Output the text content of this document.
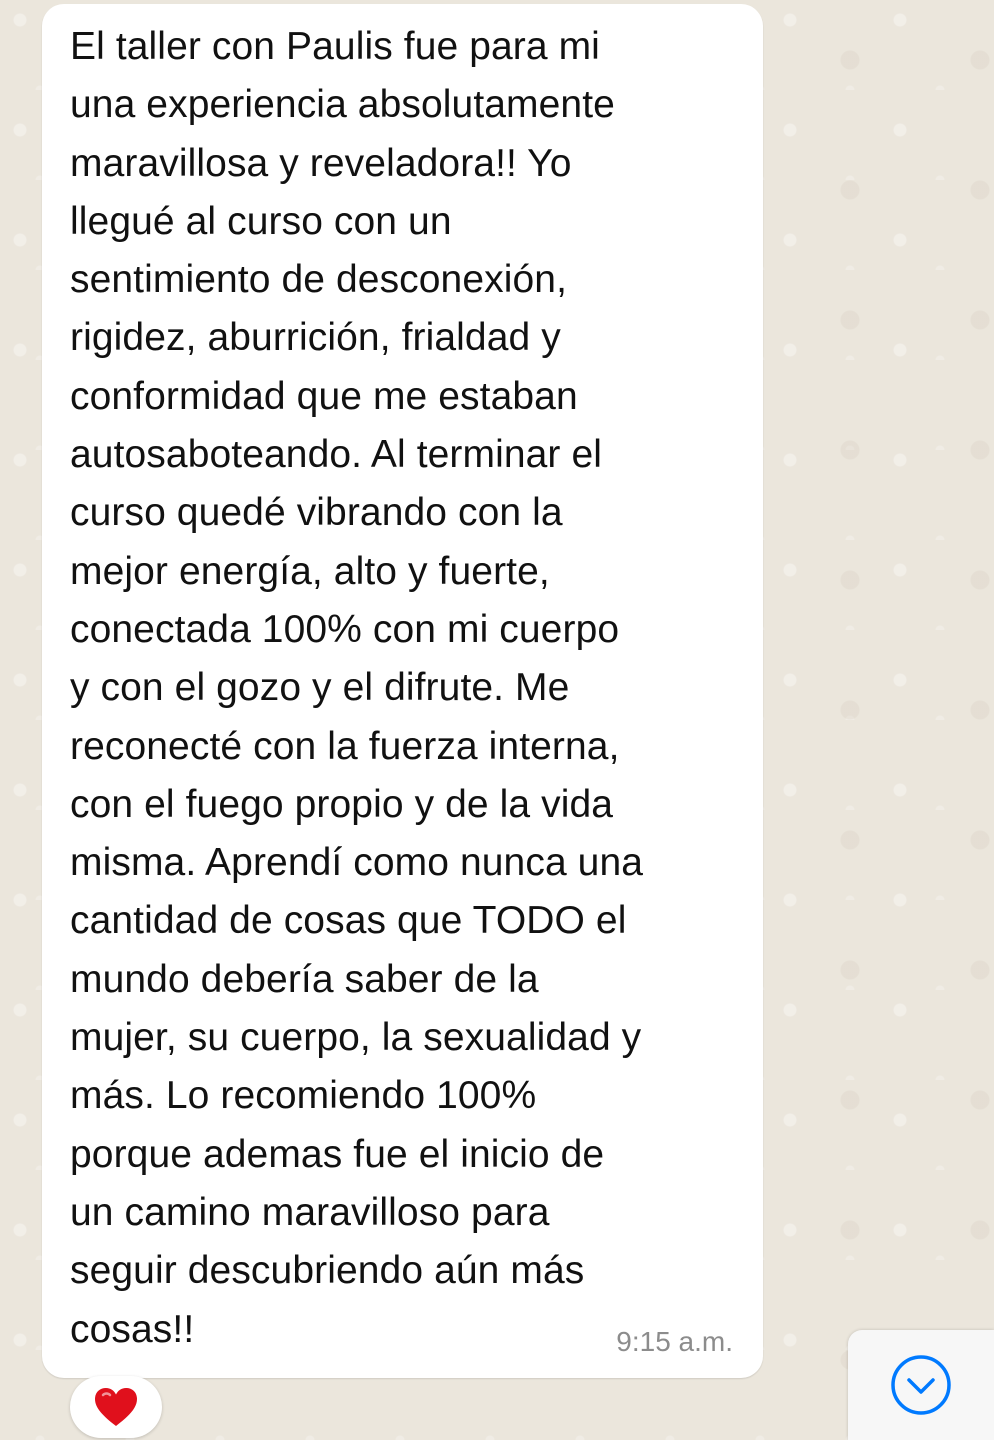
El taller con Paulis fue para mi
una experiencia absolutamente
maravillosa y reveladora!! Yo
llegué al curso con un
sentimiento de desconexión,
rigidez, aburrición, frialdad y
conformidad que me estaban
autosaboteando. Al terminar el
curso quedé vibrando con la
mejor energía, alto y fuerte,
conectada 100% con mi cuerpo
y con el gozo y el difrute. Me
reconecté con la fuerza interna,
con el fuego propio y de la vida
misma. Aprendí como nunca una
cantidad de cosas que TODO el
mundo debería saber de la
mujer, su cuerpo, la sexualidad y
más. Lo recomiendo 100%
porque ademas fue el inicio de
un camino maravilloso para
seguir descubriendo aún más
cosas!!	9:15 a.m.
